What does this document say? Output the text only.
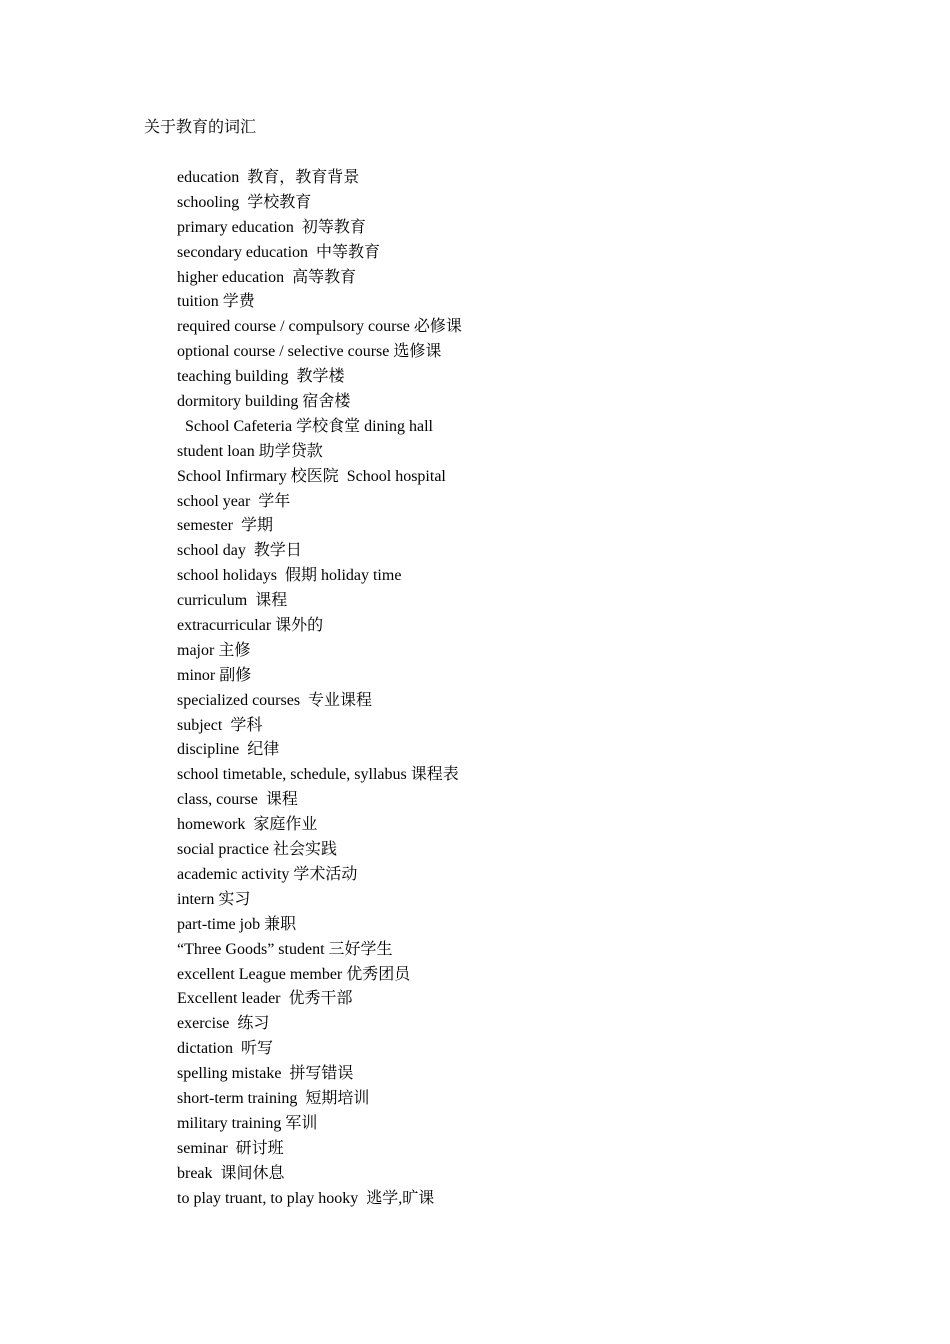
关于教育的词汇
education  教育，教育背景
schooling  学校教育
primary education  初等教育
secondary education  中等教育
higher education  高等教育
tuition 学费
required course / compulsory course 必修课
optional course / selective course 选修课
teaching building  教学楼
dormitory building 宿舍楼
School Cafeteria 学校食堂 dining hall
student loan 助学贷款
School Infirmary 校医院  School hospital
school year  学年
semester  学期
school day  教学日
school holidays  假期 holiday time
curriculum  课程
extracurricular 课外的
major 主修
minor 副修
specialized courses  专业课程
subject  学科
discipline  纪律
school timetable, schedule, syllabus 课程表
class, course  课程
homework  家庭作业
social practice 社会实践
academic activity 学术活动
intern 实习
part-time job 兼职
“Three Goods” student 三好学生
excellent League member 优秀团员
Excellent leader  优秀干部
exercise  练习
dictation  听写
spelling mistake  拼写错误
short-term training  短期培训
military training 军训
seminar  研讨班
break  课间休息
to play truant, to play hooky  逃学,旷课
